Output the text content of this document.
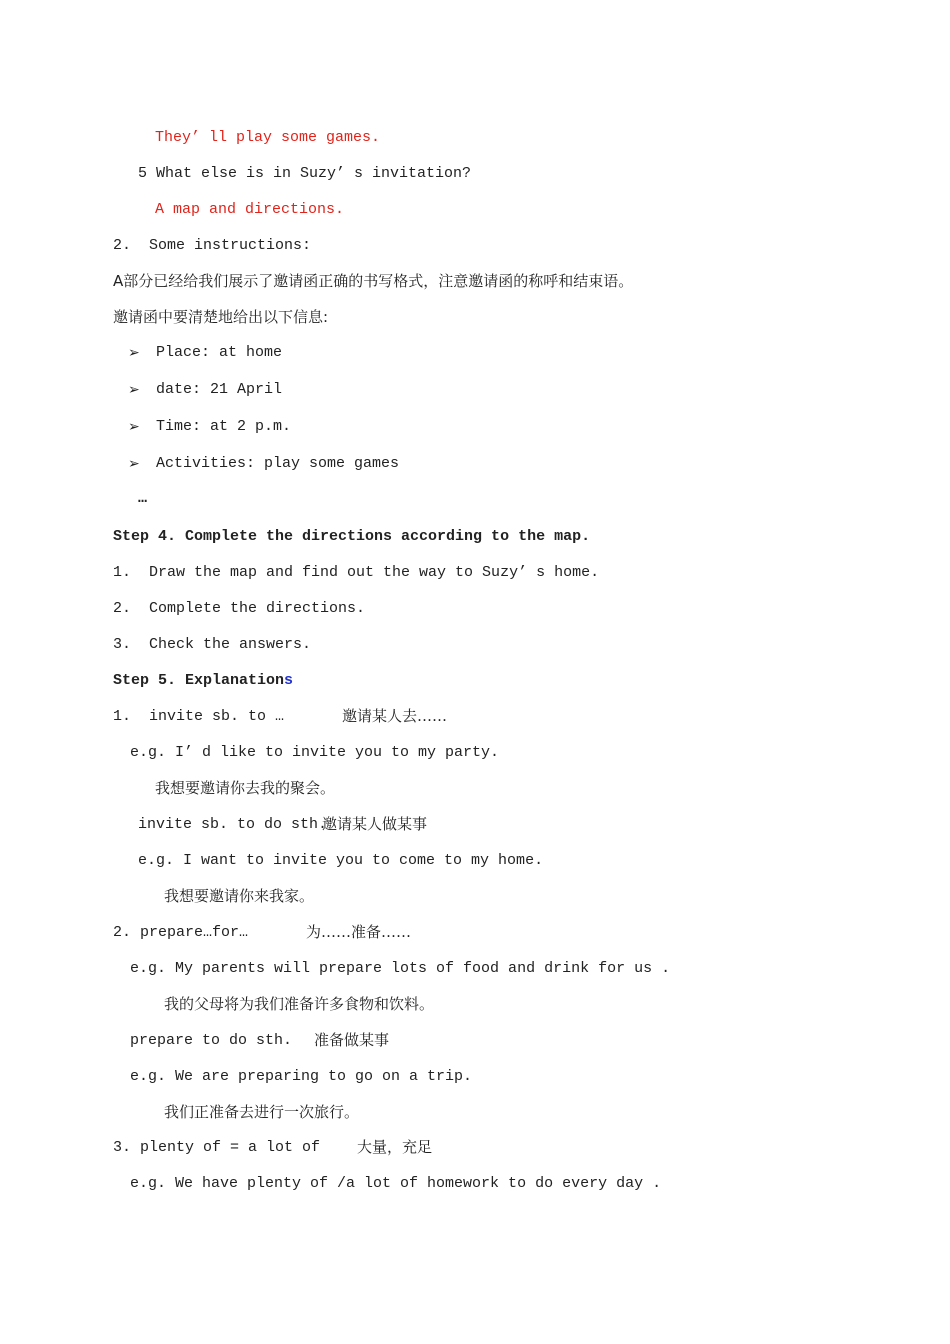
They’ ll play some games.
5 What else is in Suzy’ s invitation?
A map and directions.
2.  Some instructions:
A部分已经给我们展示了邀请函正确的书写格式，注意邀请函的称呼和结束语。
邀请函中要清楚地给出以下信息:
➢ Place: at home
➢ date: 21 April
➢ Time: at 2 p.m.
➢ Activities: play some games
…
Step 4. Complete the directions according to the map.
1.  Draw the map and find out the way to Suzy’ s home.
2.  Complete the directions.
3.  Check the answers.
Step 5. Explanations
1.  invite sb. to …	邀请某人去……
e.g. I’ d like to invite you to my party.
我想要邀请你去我的聚会。
invite sb. to do sth.
邀请某人做某事
e.g. I want to invite you to come to my home.
我想要邀请你来我家。
2. prepare…for…	为……准备……
e.g. My parents will prepare lots of food and drink for us .
我的父母将为我们准备许多食物和饮料。
prepare to do sth. 准备做某事
e.g. We are preparing to go on a trip.
我们正准备去进行一次旅行。
3. plenty of = a lot of 大量，充足
e.g. We have plenty of /a lot of homework to do every day .
